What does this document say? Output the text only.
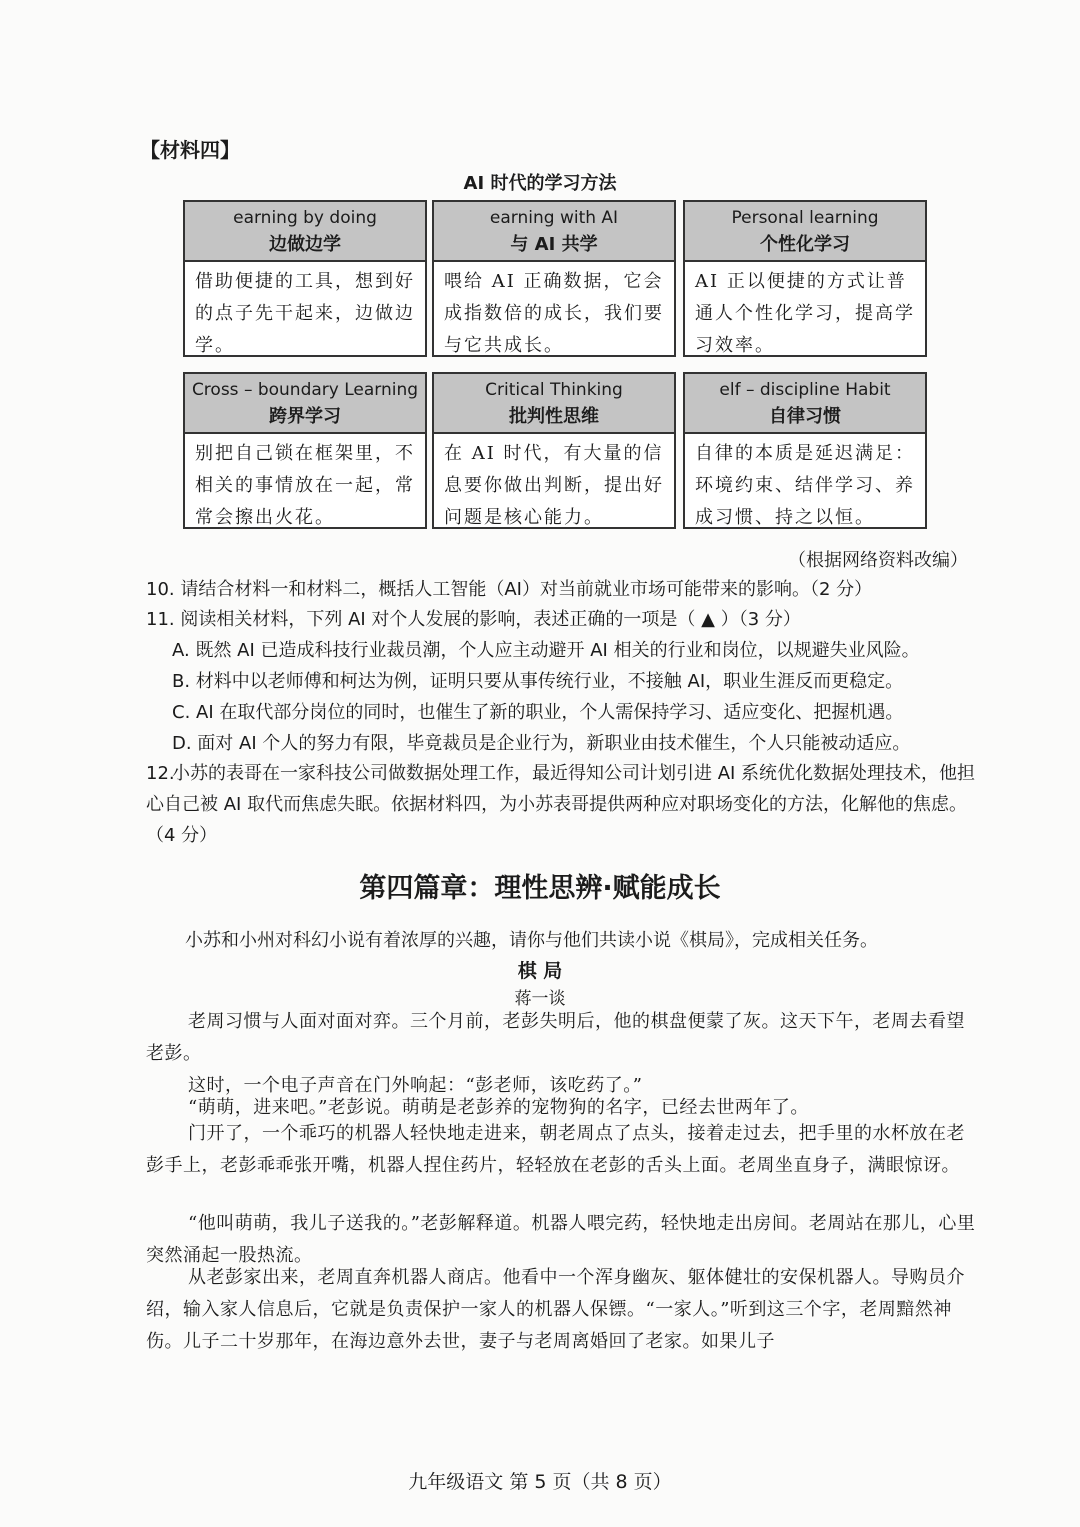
【材料四】
AI 时代的学习方法
earning by doing
边做边学
借助便捷的工具，想到好的点子先干起来，边做边学。
earning with AI
与 AI 共学
喂给 AI 正确数据，它会成指数倍的成长，我们要与它共成长。
Personal learning
个性化学习
AI 正以便捷的方式让普通人个性化学习，提高学习效率。
Cross – boundary Learning
跨界学习
别把自己锁在框架里，不相关的事情放在一起，常常会擦出火花。
Critical Thinking
批判性思维
在 AI 时代，有大量的信息要你做出判断，提出好问题是核心能力。
elf – discipline Habit
自律习惯
自律的本质是延迟满足：环境约束、结伴学习、养成习惯、持之以恒。
（根据网络资料改编）
10. 请结合材料一和材料二，概括人工智能（AI）对当前就业市场可能带来的影响。（2 分）
11. 阅读相关材料，下列 AI 对个人发展的影响，表述正确的一项是（ ▲ ）（3 分）
A. 既然 AI 已造成科技行业裁员潮，个人应主动避开 AI 相关的行业和岗位，以规避失业风险。
B. 材料中以老师傅和柯达为例，证明只要从事传统行业，不接触 AI，职业生涯反而更稳定。
C. AI 在取代部分岗位的同时，也催生了新的职业，个人需保持学习、适应变化、把握机遇。
D. 面对 AI 个人的努力有限，毕竟裁员是企业行为，新职业由技术催生，个人只能被动适应。
12.小苏的表哥在一家科技公司做数据处理工作，最近得知公司计划引进 AI 系统优化数据处理技术，他担心自己被 AI 取代而焦虑失眠。依据材料四，为小苏表哥提供两种应对职场变化的方法，化解他的焦虑。（4 分）
第四篇章：理性思辨·赋能成长
小苏和小州对科幻小说有着浓厚的兴趣，请你与他们共读小说《棋局》，完成相关任务。
棋 局
蒋一谈
老周习惯与人面对面对弈。三个月前，老彭失明后，他的棋盘便蒙了灰。这天下午，老周去看望老彭。
这时，一个电子声音在门外响起：“彭老师，该吃药了。”
“萌萌，进来吧。”老彭说。萌萌是老彭养的宠物狗的名字，已经去世两年了。
门开了，一个乖巧的机器人轻快地走进来，朝老周点了点头，接着走过去，把手里的水杯放在老彭手上，老彭乖乖张开嘴，机器人捏住药片，轻轻放在老彭的舌头上面。老周坐直身子，满眼惊讶。
“他叫萌萌，我儿子送我的。”老彭解释道。机器人喂完药，轻快地走出房间。老周站在那儿，心里突然涌起一股热流。
从老彭家出来，老周直奔机器人商店。他看中一个浑身幽灰、躯体健壮的安保机器人。导购员介绍，输入家人信息后，它就是负责保护一家人的机器人保镖。“一家人。”听到这三个字，老周黯然神伤。儿子二十岁那年，在海边意外去世，妻子与老周离婚回了老家。如果儿子
九年级语文 第 5 页（共 8 页）
